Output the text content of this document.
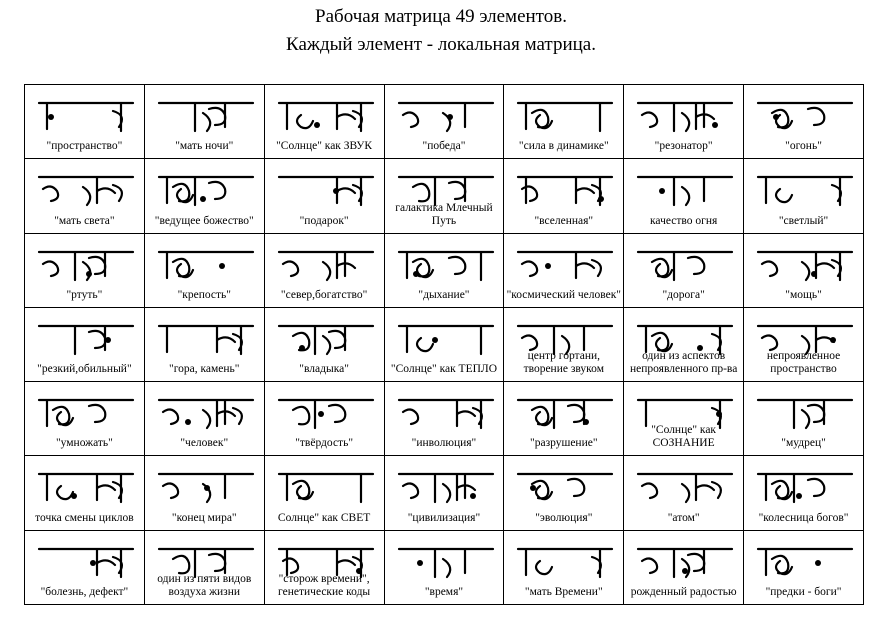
Рабочая матрица 49 элементов.
Каждый элемент - локальная матрица.
"пространство"	"мать ночи"	"Солнце" как ЗВУК	"победа"	"сила в динамике"	"резонатор"	"огонь"

"мать света"	"ведущее божество"	"подарок"	галактика Млечный
Путь	"вселенная"	качество огня	"светлый"

"ртуть"	"крепость"	"север,богатство"	"дыхание"	"космический человек"	"дорога"	"мощь"

"резкий,обильный"	"гора, камень"	"владыка"	"Солнце" как ТЕПЛО	центр гортани,
творение звуком	один из аспектов
непроявленного пр-ва	непроявленное
пространство

"умножать"	"человек"	"твёрдость"	"инволюция"	"разрушение"	"Солнце" как
СОЗНАНИЕ	"мудрец"

точка смены циклов	"конец мира"	Солнце" как СВЕТ	"цивилизация"	"эволюция"	"атом"	"колесница богов"

"болезнь, дефект"	один из пяти видов
воздуха жизни	"сторож времени",
генетические коды	"время"	"мать Времени"	рожденный радостью	"предки - боги"
